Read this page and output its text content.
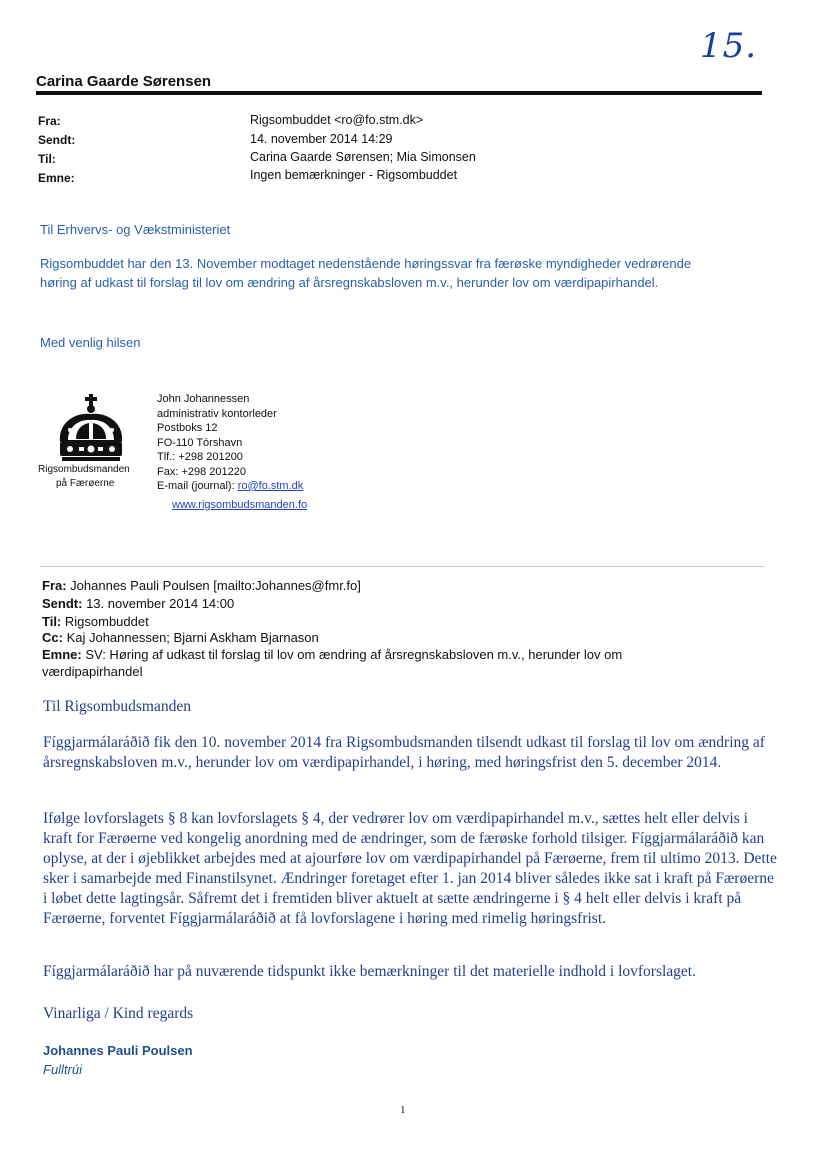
15.
Carina Gaarde Sørensen
Fra:	Rigsombuddet <ro@fo.stm.dk>
Sendt:	14. november 2014 14:29
Til:	Carina Gaarde Sørensen; Mia Simonsen
Emne:	Ingen bemærkninger - Rigsombuddet
Til Erhvervs- og Vækstministeriet
Rigsombuddet har den 13. November modtaget nedenstående høringssvar fra færøske myndigheder vedrørende
høring af udkast til forslag til lov om ændring af årsregnskabsloven m.v., herunder lov om værdipapirhandel.
Med venlig hilsen
Rigsombudsmanden
på Færøerne
John Johannessen
administrativ kontorleder
Postboks 12
FO-110 Tórshavn
Tlf.: +298 201200
Fax: +298 201220
E-mail (journal): ro@fo.stm.dk
www.rigsombudsmanden.fo
Fra: Johannes Pauli Poulsen [mailto:Johannes@fmr.fo]
Sendt: 13. november 2014 14:00
Til: Rigsombuddet
Cc: Kaj Johannessen; Bjarni Askham Bjarnason
Emne: SV: Høring af udkast til forslag til lov om ændring af årsregnskabsloven m.v., herunder lov om
værdipapirhandel
Til Rigsombudsmanden
Fíggjarmálaráðið fik den 10. november 2014 fra Rigsombudsmanden tilsendt udkast til forslag til lov om ændring af årsregnskabsloven m.v., herunder lov om værdipapirhandel, i høring, med høringsfrist den 5. december 2014.
Ifølge lovforslagets § 8 kan lovforslagets § 4, der vedrører lov om værdipapirhandel m.v., sættes helt eller delvis i kraft for Færøerne ved kongelig anordning med de ændringer, som de færøske forhold tilsiger. Fíggjarmálaráðið kan oplyse, at der i øjeblikket arbejdes med at ajourføre lov om værdipapirhandel på Færøerne, frem til ultimo 2013. Dette sker i samarbejde med Finanstilsynet. Ændringer foretaget efter 1. jan 2014 bliver således ikke sat i kraft på Færøerne i løbet dette lagtingsår. Såfremt det i fremtiden bliver aktuelt at sætte ændringerne i § 4 helt eller delvis i kraft på Færøerne, forventet Fíggjarmálaráðið at få lovforslagene i høring med rimelig høringsfrist.
Fíggjarmálaráðið har på nuværende tidspunkt ikke bemærkninger til det materielle indhold i lovforslaget.
Vinarliga / Kind regards
Johannes Pauli Poulsen
Fulltrúi
1
